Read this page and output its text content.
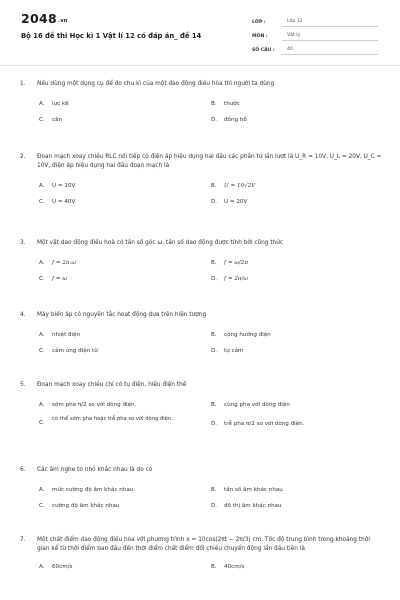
2048.vn
Bộ 16 đề thi Học kì 1 Vật lí 12 có đáp án_ đề 14
LỚP :	Lớp 12
MÔN :	Vật lý
SỐ CÂU :	40
1.	Nếu dùng một dụng cụ để đo chu kì của một dao động điều hòa thì người ta dùng
A.	lực kế	B.	thước
C.	cân	D.	đồng hồ
2.	Đoạn mạch xoay chiều RLC nối tiếp có điện áp hiệu dụng hai đầu các phần tử lần lượt là U_R = 10V, U_L = 20V, U_C = 10V, điện áp hiệu dụng hai đầu đoạn mạch là
A.	U = 10V	B.	U = 10√2V
C.	U = 40V	D.	U = 20V
3.	Một vật dao động điều hoà có tần số góc ω, tần số dao động được tính bởi công thức
A.	f = 2π.ω	B.	f = ω/2π
C.	f = ω	D.	f = 2π/ω
4.	Máy biến áp có nguyên tắc hoạt động dựa trên hiện tượng
A.	nhiệt điện	B.	cộng hưởng điện
C.	cảm ứng điện từ	D.	tự cảm
5.	Đoạn mạch xoay chiều chỉ có tụ điện, hiệu điện thế
A.	sớm pha π/2 so với dòng điện.	B.	cùng pha với dòng điện
C.
có thể sớm pha hoặc trễ pha so với dòng điện.
D.	trễ pha π/2 so với dòng điện.
6.	Các âm nghe to nhỏ khác nhau là do có
A.	mức cường độ âm khác nhau	B.	tần số âm khác nhau
C.	cường độ âm khác nhau	D.	đồ thị âm khác nhau
7.	Một chất điểm dao động điều hòa với phương trình x = 10cos(2πt − 2π/3) cm. Tốc độ trung bình trong khoảng thời gian kể từ thời điểm ban đầu đến thời điểm chất điểm đổi chiều chuyển động lần đầu tiên là
A.	60cm/s	B.	40cm/s
